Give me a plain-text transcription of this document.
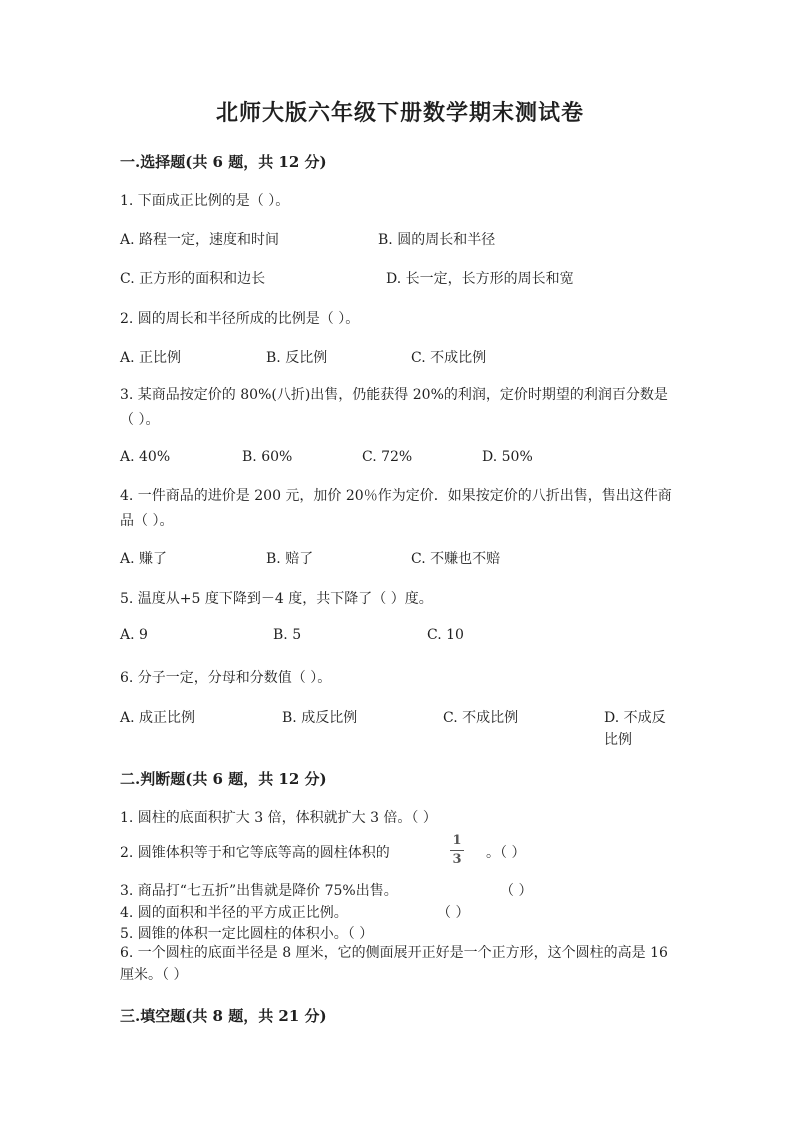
北师大版六年级下册数学期末测试卷
一.选择题(共 6 题，共 12 分)
1. 下面成正比例的是（ ）。
A. 路程一定，速度和时间	B. 圆的周长和半径
C. 正方形的面积和边长	D. 长一定，长方形的周长和宽
2. 圆的周长和半径所成的比例是（ ）。
A. 正比例	B. 反比例	C. 不成比例
3. 某商品按定价的 80%(八折)出售，仍能获得 20%的利润，定价时期望的利润百分数是（ ）。
A. 40%	B. 60%	C. 72%	D. 50%
4. 一件商品的进价是 200 元，加价 20％作为定价．如果按定价的八折出售，售出这件商品（ ）。
A. 赚了	B. 赔了	C. 不赚也不赔
5. 温度从+5 度下降到－4 度，共下降了（ ）度。
A. 9	B. 5	C. 10
6. 分子一定，分母和分数值（ ）。
A. 成正比例	B. 成反比例	C. 不成比例	D. 不成反比例
二.判断题(共 6 题，共 12 分)
1. 圆柱的底面积扩大 3 倍，体积就扩大 3 倍。（ ）
2. 圆锥体积等于和它等底等高的圆柱体积的
1
3 。（ ）
3. 商品打“七五折”出售就是降价 75%出售。	（ ）
4. 圆的面积和半径的平方成正比例。	（ ）
5. 圆锥的体积一定比圆柱的体积小。（ ）
6. 一个圆柱的底面半径是 8 厘米，它的侧面展开正好是一个正方形，这个圆柱的高是 16 厘米。（ ）
三.填空题(共 8 题，共 21 分)
